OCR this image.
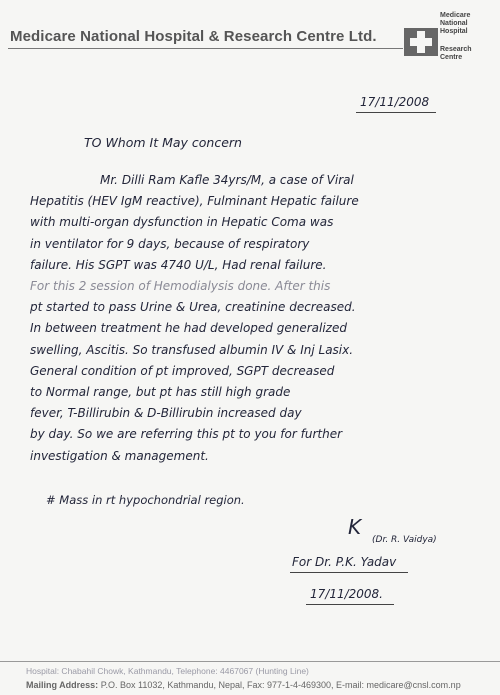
Medicare National Hospital & Research Centre Ltd.
Medicare
National
Hospital
Research
Centre
17/11/2008
TO Whom It May concern
Mr. Dilli Ram Kafle 34yrs/M, a case of Viral
Hepatitis (HEV IgM reactive), Fulminant Hepatic failure
with multi-organ dysfunction in Hepatic Coma was
in ventilator for 9 days, because of respiratory
failure. His SGPT was 4740 U/L, Had renal failure.
For this 2 session of Hemodialysis done. After this
pt started to pass Urine & Urea, creatinine decreased.
In between treatment he had developed generalized
swelling, Ascitis. So transfused albumin IV & Inj Lasix.
General condition of pt improved, SGPT decreased
to Normal range, but pt has still high grade
fever, T-Billirubin & D-Billirubin increased day
by day. So we are referring this pt to you for further
investigation & management.
# Mass in rt hypochondrial region.
K
(Dr. R. Vaidya)
For Dr. P.K. Yadav
17/11/2008.
Hospital: Chabahil Chowk, Kathmandu, Telephone: 4467067 (Hunting Line)
Mailing Address: P.O. Box 11032, Kathmandu, Nepal, Fax: 977-1-4-469300, E-mail: medicare@cnsl.com.np
